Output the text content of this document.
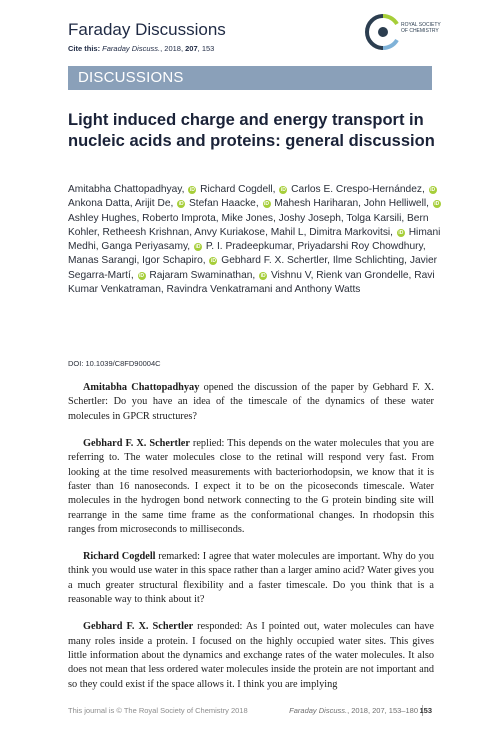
Faraday Discussions
Cite this: Faraday Discuss., 2018, 207, 153
ROYAL SOCIETY
OF CHEMISTRY
DISCUSSIONS
Light induced charge and energy transport in nucleic acids and proteins: general discussion
Amitabha Chattopadhyay, iD Richard Cogdell, iD Carlos E. Crespo-Hernández, iD Ankona Datta, Arijit De, iD Stefan Haacke, iD Mahesh Hariharan, John Helliwell, iD Ashley Hughes, Roberto Improta, Mike Jones, Joshy Joseph, Tolga Karsili, Bern Kohler, Retheesh Krishnan, Anvy Kuriakose, Mahil L, Dimitra Markovitsi, iD Himani Medhi, Ganga Periyasamy, iD P. I. Pradeepkumar, Priyadarshi Roy Chowdhury, Manas Sarangi, Igor Schapiro, iD Gebhard F. X. Schertler, Ilme Schlichting, Javier Segarra-Martí, iD Rajaram Swaminathan, iD Vishnu V, Rienk van Grondelle, Ravi Kumar Venkatraman, Ravindra Venkatramani and Anthony Watts
DOI: 10.1039/C8FD90004C

Amitabha Chattopadhyay opened the discussion of the paper by Gebhard F. X. Schertler: Do you have an idea of the timescale of the dynamics of these water molecules in GPCR structures?

Gebhard F. X. Schertler replied: This depends on the water molecules that you are referring to. The water molecules close to the retinal will respond very fast. From looking at the time resolved measurements with bacteriorhodopsin, we know that it is faster than 16 nanoseconds. I expect it to be on the picoseconds timescale. Water molecules in the hydrogen bond network connecting to the G protein binding site will rearrange in the same time frame as the conformational changes. In rhodopsin this ranges from microseconds to milliseconds.

Richard Cogdell remarked: I agree that water molecules are important. Why do you think you would use water in this space rather than a larger amino acid? Water gives you a much greater structural flexibility and a faster timescale. Do you think that is a reasonable way to think about it?

Gebhard F. X. Schertler responded: As I pointed out, water molecules can have many roles inside a protein. I focused on the highly occupied water sites. This gives little information about the dynamics and exchange rates of the water molecules. It also does not mean that less ordered water molecules inside the protein are not important and so they could exist if the space allows it. I think you are implying

This journal is © The Royal Society of Chemistry 2018	Faraday Discuss., 2018, 207, 153–180 153
